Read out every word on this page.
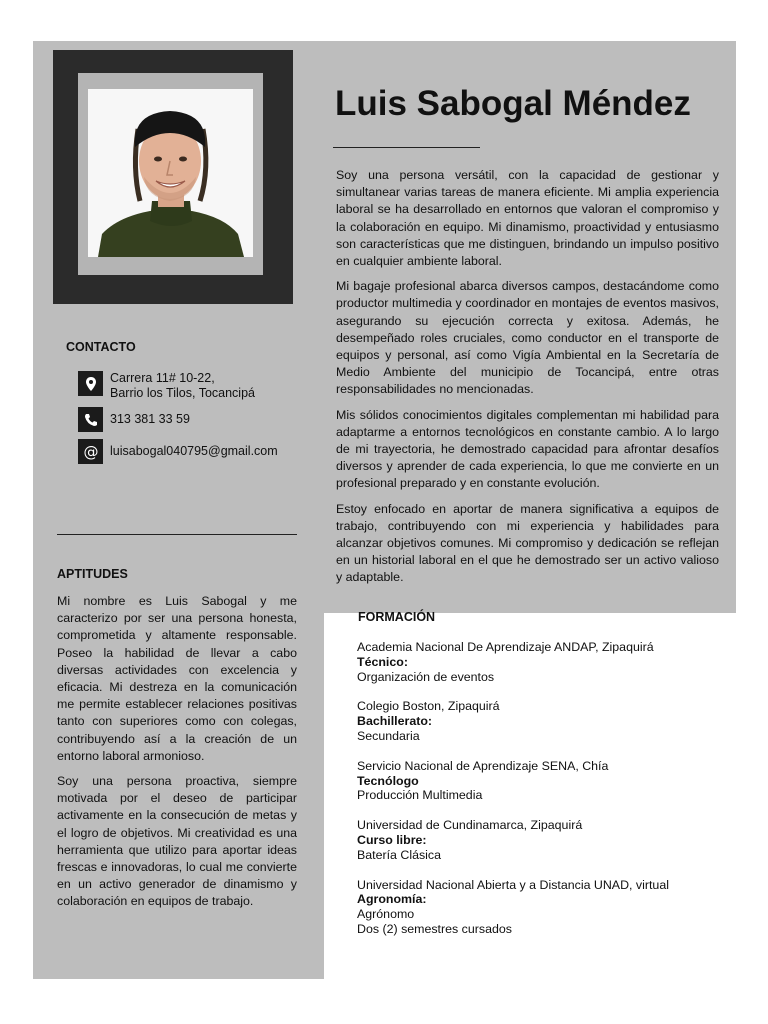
Luis Sabogal Méndez

Soy una persona versátil, con la capacidad de gestionar y simultanear varias tareas de manera eficiente. Mi amplia experiencia laboral se ha desarrollado en entornos que valoran el compromiso y la colaboración en equipo. Mi dinamismo, proactividad y entusiasmo son características que me distinguen, brindando un impulso positivo en cualquier ambiente laboral.

Mi bagaje profesional abarca diversos campos, destacándome como productor multimedia y coordinador en montajes de eventos masivos, asegurando su ejecución correcta y exitosa. Además, he desempeñado roles cruciales, como conductor en el transporte de equipos y personal, así como Vigía Ambiental en la Secretaría de Medio Ambiente del municipio de Tocancipá, entre otras responsabilidades no mencionadas.

Mis sólidos conocimientos digitales complementan mi habilidad para adaptarme a entornos tecnológicos en constante cambio. A lo largo de mi trayectoria, he demostrado capacidad para afrontar desafíos diversos y aprender de cada experiencia, lo que me convierte en un profesional preparado y en constante evolución.

Estoy enfocado en aportar de manera significativa a equipos de trabajo, contribuyendo con mi experiencia y habilidades para alcanzar objetivos comunes. Mi compromiso y dedicación se reflejan en un historial laboral en el que he demostrado ser un activo valioso y adaptable.

CONTACTO
Carrera 11# 10-22,
Barrio los Tilos, Tocancipá
313 381 33 59
@ luisabogal040795@gmail.com
APTITUDES

Mi nombre es Luis Sabogal y me caracterizo por ser una persona honesta, comprometida y altamente responsable. Poseo la habilidad de llevar a cabo diversas actividades con excelencia y eficacia. Mi destreza en la comunicación me permite establecer relaciones positivas tanto con superiores como con colegas, contribuyendo así a la creación de un entorno laboral armonioso.

Soy una persona proactiva, siempre motivada por el deseo de participar activamente en la consecución de metas y el logro de objetivos. Mi creatividad es una herramienta que utilizo para aportar ideas frescas e innovadoras, lo cual me convierte en un activo generador de dinamismo y colaboración en equipos de trabajo.

FORMACIÓN
Academia Nacional De Aprendizaje ANDAP, Zipaquirá
Técnico:
Organización de eventos
Colegio Boston, Zipaquirá
Bachillerato:
Secundaria
Servicio Nacional de Aprendizaje SENA, Chía
Tecnólogo
Producción Multimedia
Universidad de Cundinamarca, Zipaquirá
Curso libre:
Batería Clásica
Universidad Nacional Abierta y a Distancia UNAD, virtual
Agronomía:
Agrónomo
Dos (2) semestres cursados
